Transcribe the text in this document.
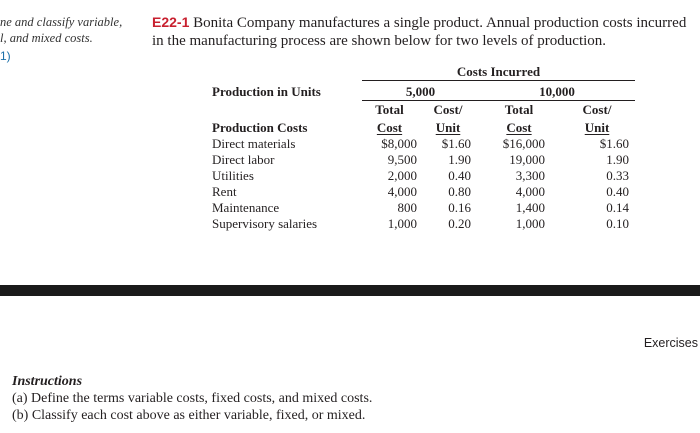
ne and classify variable,
l, and mixed costs.
1)
E22-1 Bonita Company manufactures a single product. Annual production costs incurred
in the manufacturing process are shown below for two levels of production.
	Costs Incurred			
Production in Units	5,000		10,000	
	Total	Cost/	Total	Cost/
Production Costs	Cost	Unit	Cost	Unit
Direct materials	$8,000	$1.60	$16,000	$1.60
Direct labor	9,500	1.90	19,000	1.90
Utilities	2,000	0.40	3,300	0.33
Rent	4,000	0.80	4,000	0.40
Maintenance	800	0.16	1,400	0.14
Supervisory salaries	1,000	0.20	1,000	0.10
Exercises
Instructions
(a) Define the terms variable costs, fixed costs, and mixed costs.
(b) Classify each cost above as either variable, fixed, or mixed.
